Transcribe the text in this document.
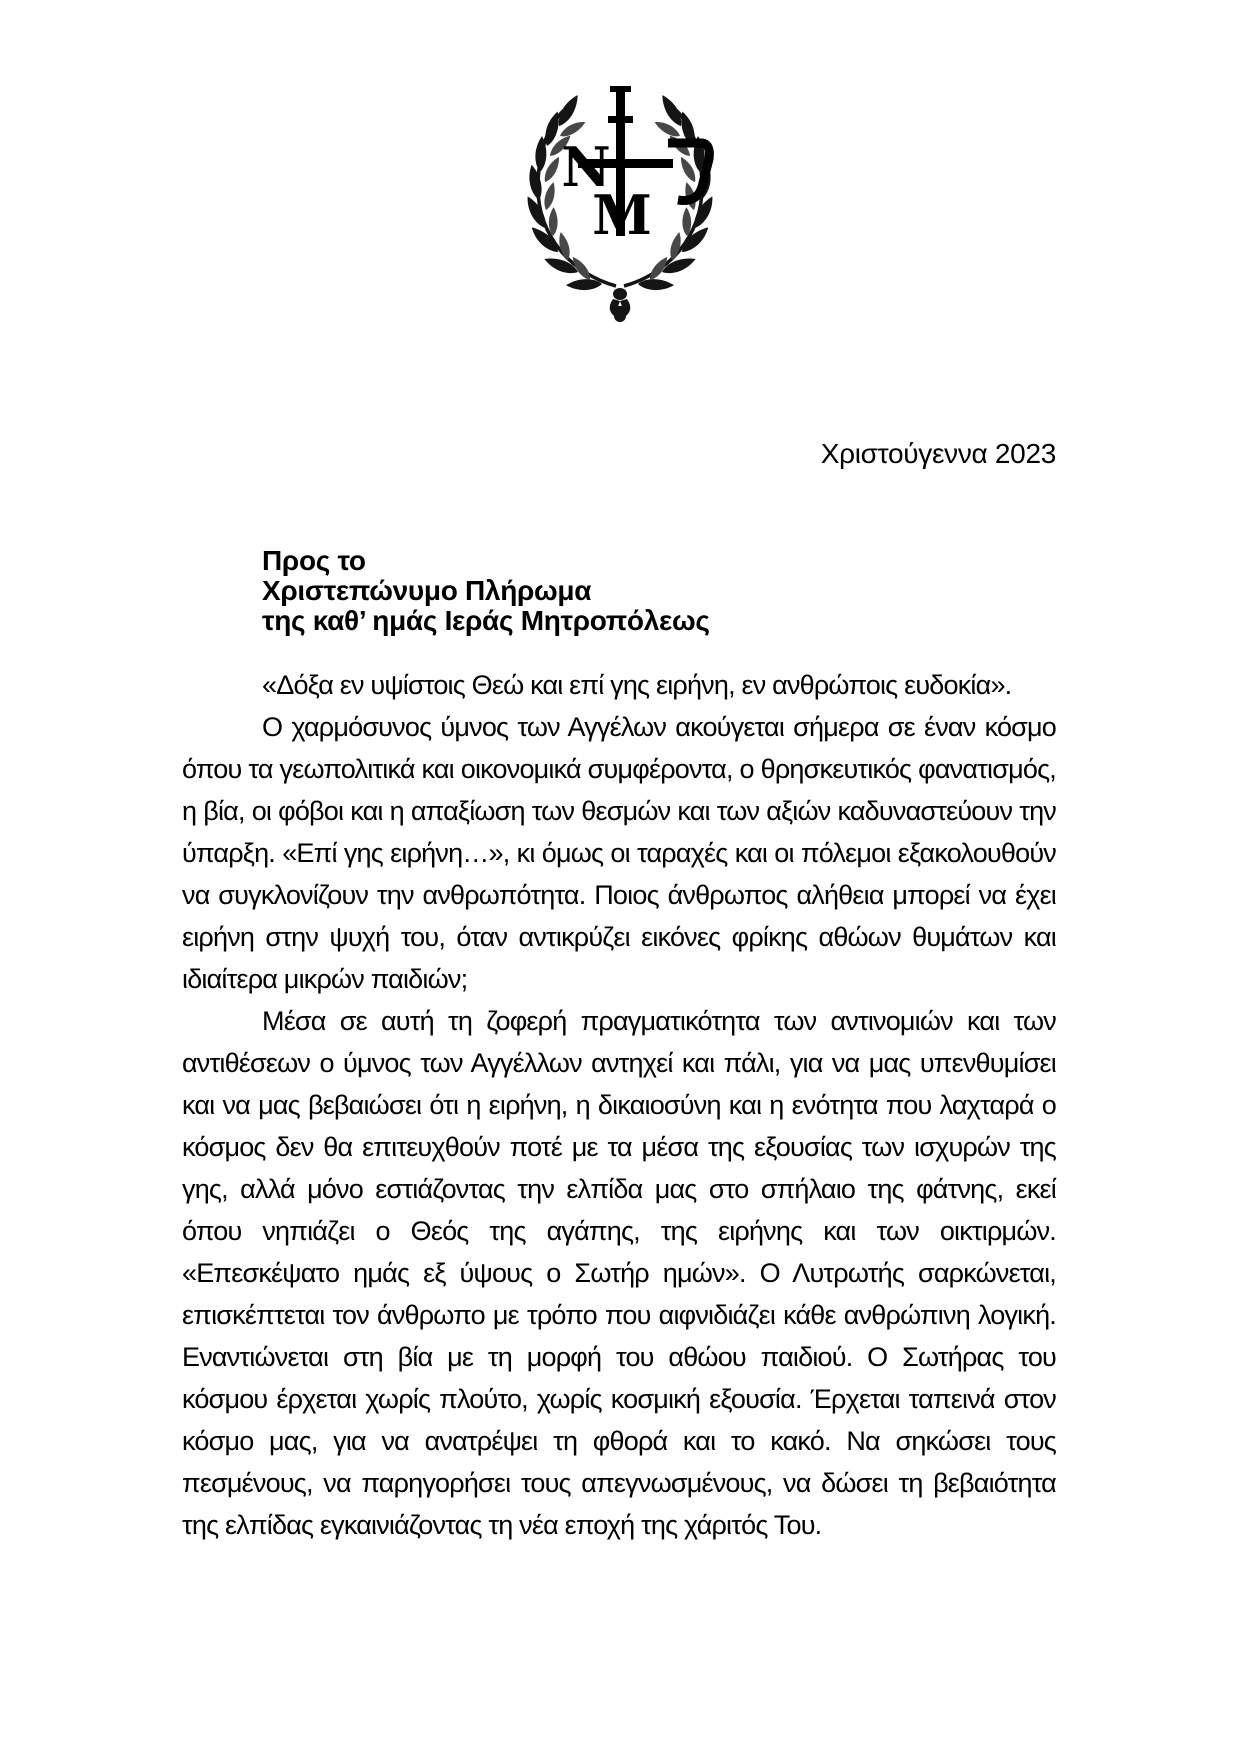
Ν
Μ
Χριστούγεννα 2023
Προς το
Χριστεπώνυμο Πλήρωμα
της καθ’ ημάς Ιεράς Μητροπόλεως

«Δόξα εν υψίστοις Θεώ και επί γης ειρήνη, εν ανθρώποις ευδοκία».

Ο χαρμόσυνος ύμνος των Αγγέλων ακούγεται σήμερα σε έναν κόσμο όπου τα γεωπολιτικά και οικονομικά συμφέροντα, ο θρησκευτικός φανατισμός, η βία, οι φόβοι και η απαξίωση των θεσμών και των αξιών καδυναστεύουν την ύπαρξη. «Επί γης ειρήνη…», κι όμως οι ταραχές και οι πόλεμοι εξακολουθούν να συγκλονίζουν την ανθρωπότητα. Ποιος άνθρωπος αλήθεια μπορεί να έχει ειρήνη στην ψυχή του, όταν αντικρύζει εικόνες φρίκης αθώων θυμάτων και ιδιαίτερα μικρών παιδιών;

Μέσα σε αυτή τη ζοφερή πραγματικότητα των αντινομιών και των αντιθέσεων ο ύμνος των Αγγέλλων αντηχεί και πάλι, για να μας υπενθυμίσει και να μας βεβαιώσει ότι η ειρήνη, η δικαιοσύνη και η ενότητα που λαχταρά ο κόσμος δεν θα επιτευχθούν ποτέ με τα μέσα της εξουσίας των ισχυρών της γης, αλλά μόνο εστιάζοντας την ελπίδα μας στο σπήλαιο της φάτνης, εκεί όπου νηπιάζει ο Θεός της αγάπης, της ειρήνης και των οικτιρμών. «Επεσκέψατο ημάς εξ ύψους ο Σωτήρ ημών». Ο Λυτρωτής σαρκώνεται, επισκέπτεται τον άνθρωπο με τρόπο που αιφνιδιάζει κάθε ανθρώπινη λογική. Εναντιώνεται στη βία με τη μορφή του αθώου παιδιού. Ο Σωτήρας του κόσμου έρχεται χωρίς πλούτο, χωρίς κοσμική εξουσία. Έρχεται ταπεινά στον κόσμο μας, για να ανατρέψει τη φθορά και το κακό. Να σηκώσει τους πεσμένους, να παρηγορήσει τους απεγνωσμένους, να δώσει τη βεβαιότητα της ελπίδας εγκαινιάζοντας τη νέα εποχή της χάριτός Του.
